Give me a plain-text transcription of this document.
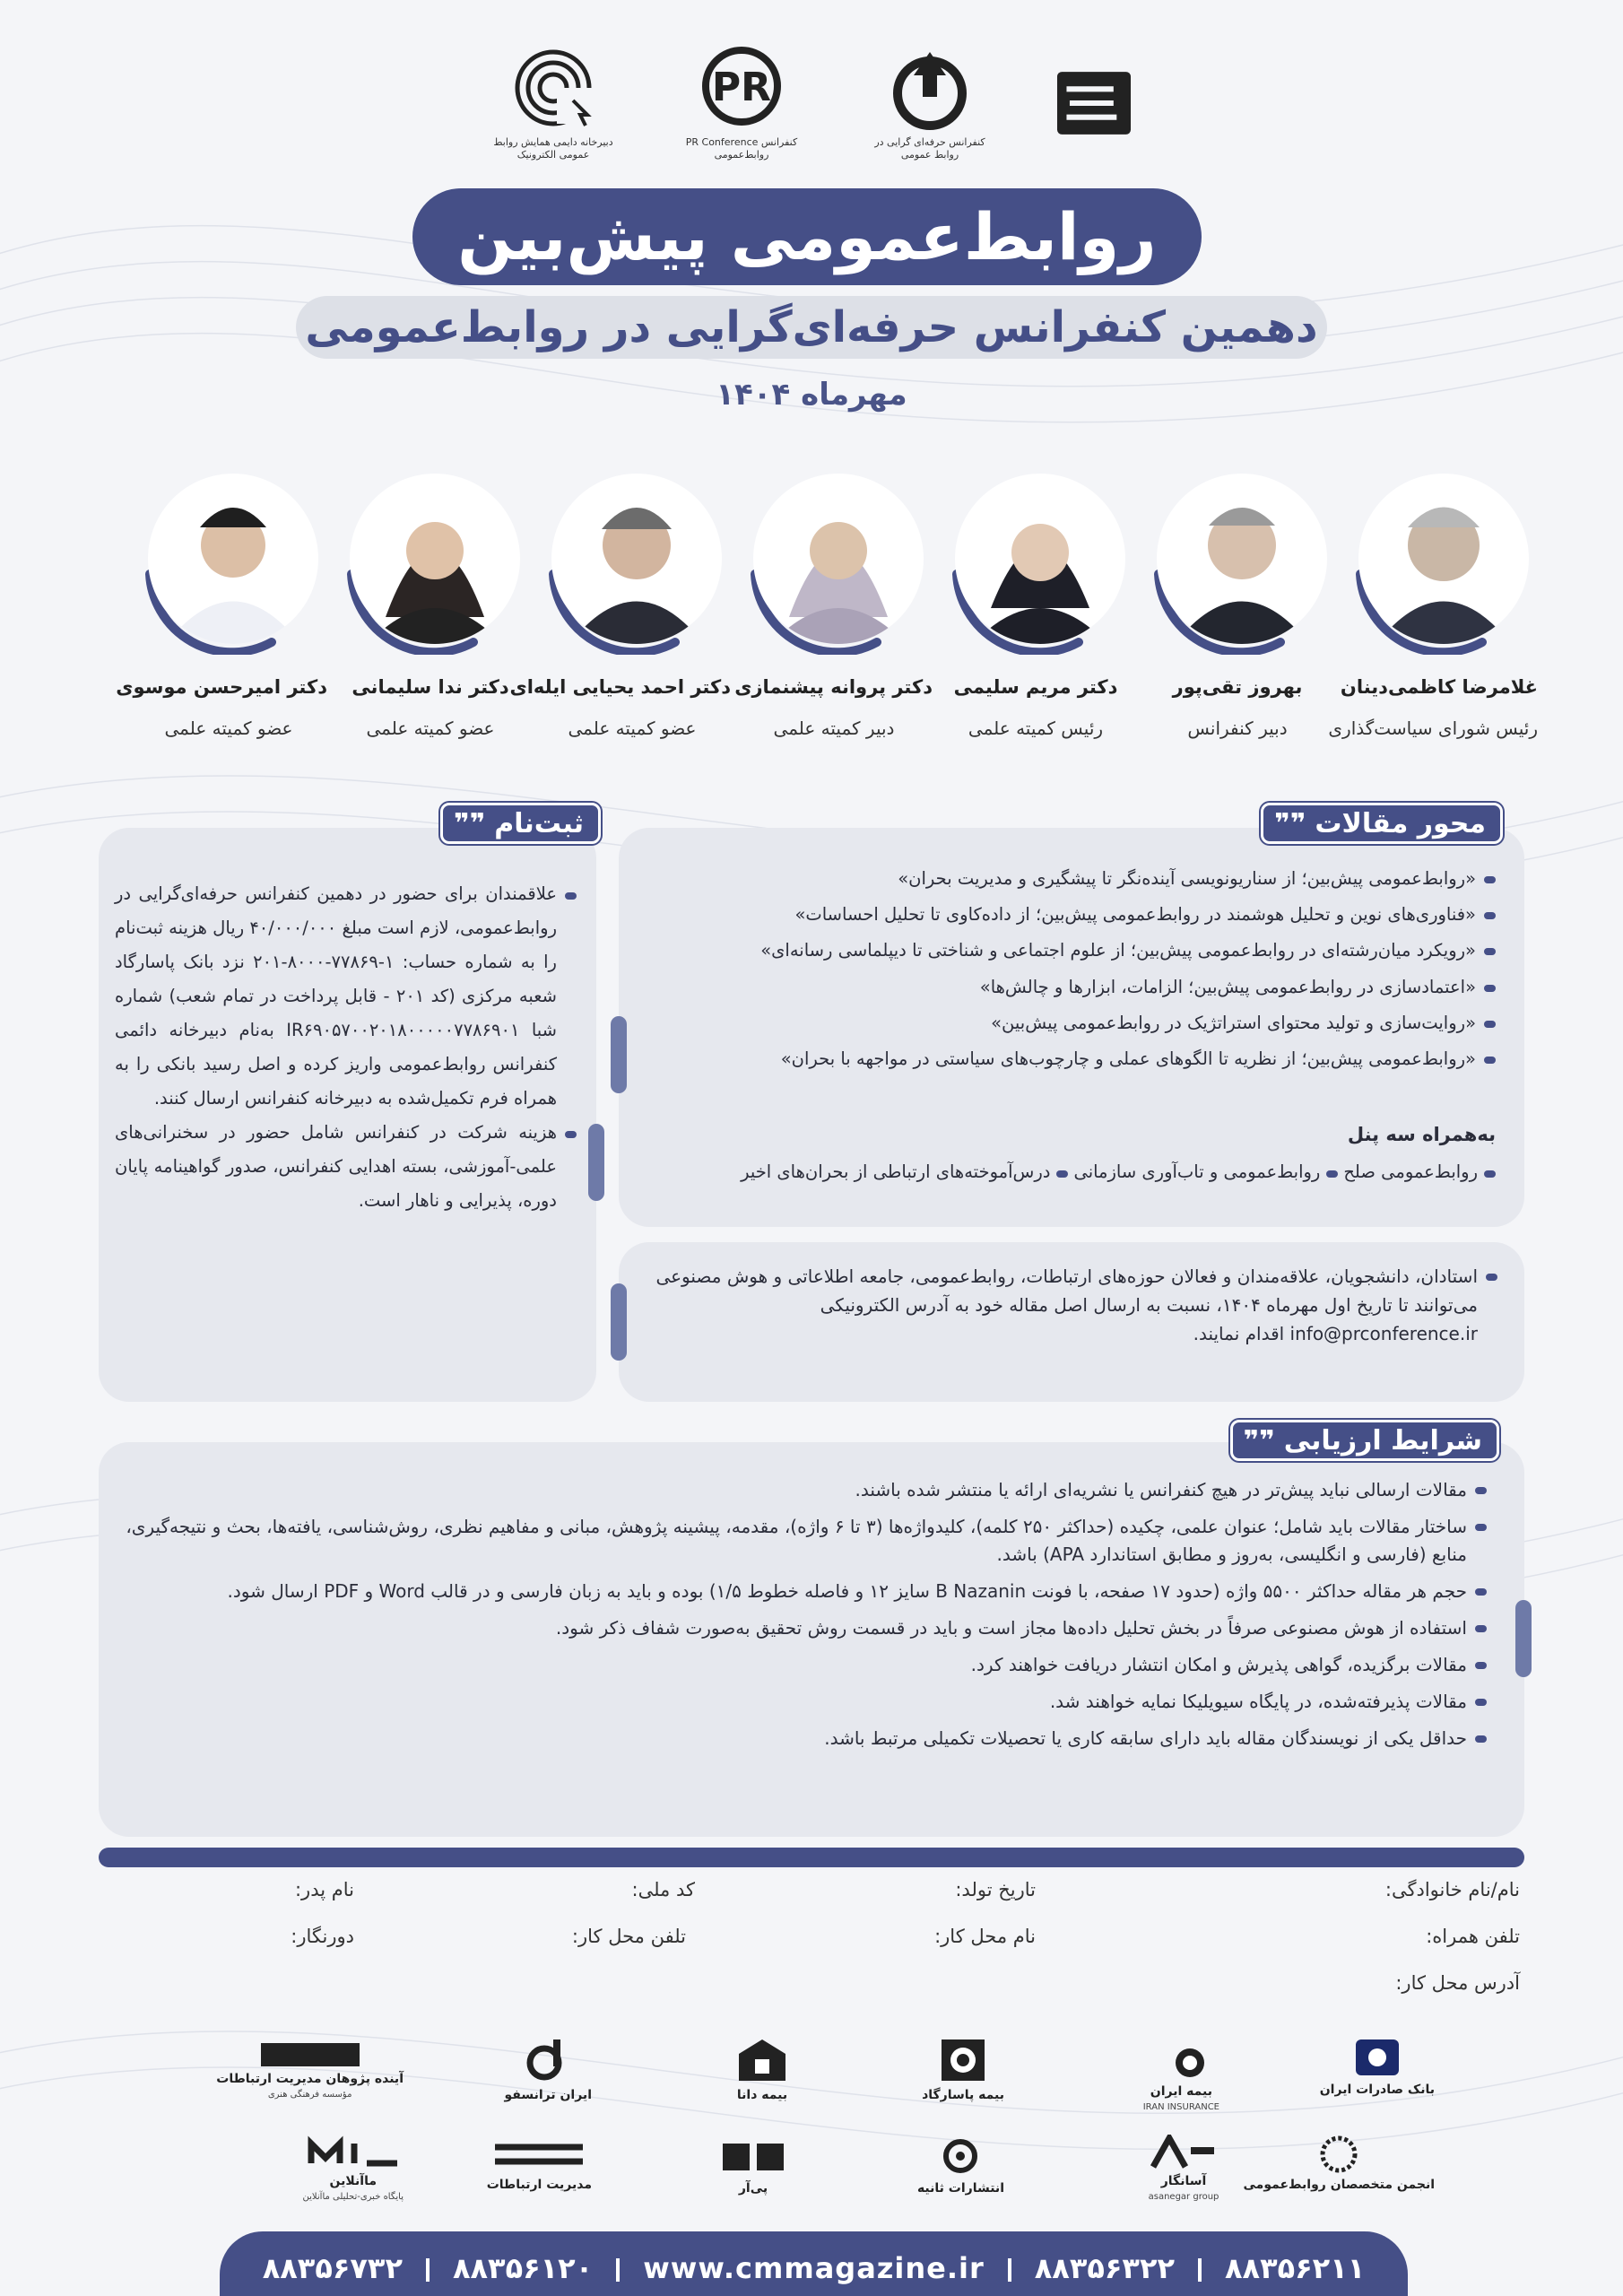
دبیرخانه دایمی همایش روابط عمومی الکترونیک
PR
PR Conference کنفرانس روابط‌عمومی
کنفرانس حرفه‌ای گرایی در روابط عمومی
روابط‌عمومی پیش‌بین
دهمین کنفرانس حرفه‌ای‌گرایی در روابط‌عمومی
مهرماه ۱۴۰۴
غلامرضا کاظمی‌دینان
رئیس شورای سیاست‌گذاری
بهروز تقی‌پور
دبیر کنفرانس
دکتر مریم سلیمی
رئیس کمیته علمی
دکتر پروانه پیشنمازی
دبیر کمیته علمی
دکتر احمد یحیایی ایله‌ای
عضو کمیته علمی
دکتر ندا سلیمانی
عضو کمیته علمی
دکتر امیرحسن موسوی
عضو کمیته علمی
«روابط‌عمومی پیش‌بین؛ از سناریونویسی آینده‌نگر تا پیشگیری و مدیریت بحران»
«فناوری‌های نوین و تحلیل هوشمند در روابط‌عمومی پیش‌بین؛ از داده‌کاوی تا تحلیل احساسات»
«رویکرد میان‌رشته‌ای در روابط‌عمومی پیش‌بین؛ از علوم اجتماعی و شناختی تا دیپلماسی رسانه‌ای»
«اعتمادسازی در روابط‌عمومی پیش‌بین؛ الزامات، ابزارها و چالش‌ها»
«روایت‌سازی و تولید محتوای استراتژیک در روابط‌عمومی پیش‌بین»
«روابط‌عمومی پیش‌بین؛ از نظریه تا الگوهای عملی و چارچوب‌های سیاستی در مواجهه با بحران»
به‌همراه سه پنل
روابط‌عمومی صلح
روابط‌عمومی و تاب‌آوری سازمانی
درس‌آموخته‌های ارتباطی از بحران‌های اخیر
محور مقالات
❞❞

استادان، دانشجویان، علاقه‌مندان و فعالان حوزه‌های ارتباطات، روابط‌عمومی، جامعه اطلاعاتی و هوش مصنوعی می‌توانند تا تاریخ اول مهرماه ۱۴۰۴، نسبت به ارسال اصل مقاله خود به آدرس الکترونیکی info@prconference.ir اقدام نمایند.

علاقمندان برای حضور در دهمین کنفرانس حرفه‌ای‌گرایی در روابط‌عمومی، لازم است مبلغ ۴۰/۰۰۰/۰۰۰ ریال هزینه ثبت‌نام را به شماره حساب: ۱-۷۷۸۶۹-۸۰۰۰-۲۰۱ نزد بانک پاسارگاد شعبه مرکزی (کد ۲۰۱ - قابل پرداخت در تمام شعب) شماره شبا IR۶۹۰۵۷۰۰۲۰۱۸۰۰۰۰۰۷۷۸۶۹۰۱ به‌نام دبیرخانه دائمی کنفرانس روابط‌عمومی واریز کرده و اصل رسید بانکی را به همراه فرم تکمیل‌شده به دبیرخانه کنفرانس ارسال کنند.
هزینه شرکت در کنفرانس شامل حضور در سخنرانی‌های علمی-آموزشی، بسته اهدایی کنفرانس، صدور گواهینامه پایان دوره، پذیرایی و ناهار است.
ثبت‌نام
❞❞
مقالات ارسالی نباید پیش‌تر در هیچ کنفرانس یا نشریه‌ای ارائه یا منتشر شده باشند.
ساختار مقالات باید شامل؛ عنوان علمی، چکیده (حداکثر ۲۵۰ کلمه)، کلیدواژه‌ها (۳ تا ۶ واژه)، مقدمه، پیشینه پژوهش، مبانی و مفاهیم نظری، روش‌شناسی، یافته‌ها، بحث و نتیجه‌گیری، منابع (فارسی و انگلیسی، به‌روز و مطابق استاندارد APA) باشد.
حجم هر مقاله حداکثر ۵۵۰۰ واژه (حدود ۱۷ صفحه، با فونت B Nazanin سایز ۱۲ و فاصله خطوط ۱/۵) بوده و باید به زبان فارسی و در قالب Word و PDF ارسال شود.
استفاده از هوش مصنوعی صرفاً در بخش تحلیل داده‌ها مجاز است و باید در قسمت روش تحقیق به‌صورت شفاف ذکر شود.
مقالات برگزیده، گواهی پذیرش و امکان انتشار دریافت خواهند کرد.
مقالات پذیرفته‌شده، در پایگاه سیویلیکا نمایه خواهند شد.
حداقل یکی از نویسندگان مقاله باید دارای سابقه کاری یا تحصیلات تکمیلی مرتبط باشد.
شرایط ارزیابی
❞❞
نام/نام خانوادگی:
تاریخ تولد:
کد ملی:
نام پدر:
تلفن همراه:
نام محل کار:
تلفن محل کار:
دورنگار:
آدرس محل کار:
بانک صادرات ایران
بیمه ایران
IRAN INSURANCE
بیمه پاسارگاد
بیمه دانا
ایران ترانسفو
آینده پژوهان مدیریت ارتباطات
مؤسسه فرهنگی هنری
انجمن متخصصان روابط‌عمومی
آسانگار
asanegar group
انتشارات ثانیه
پی‌آر
مدیریت ارتباطات
ماآنلاین
پایگاه خبری-تحلیلی ماآنلاین
۸۸۳۵۶۲۱۱
۸۸۳۵۶۳۲۲
www.cmmagazine.ir
۸۸۳۵۶۱۲۰
۸۸۳۵۶۷۳۲
